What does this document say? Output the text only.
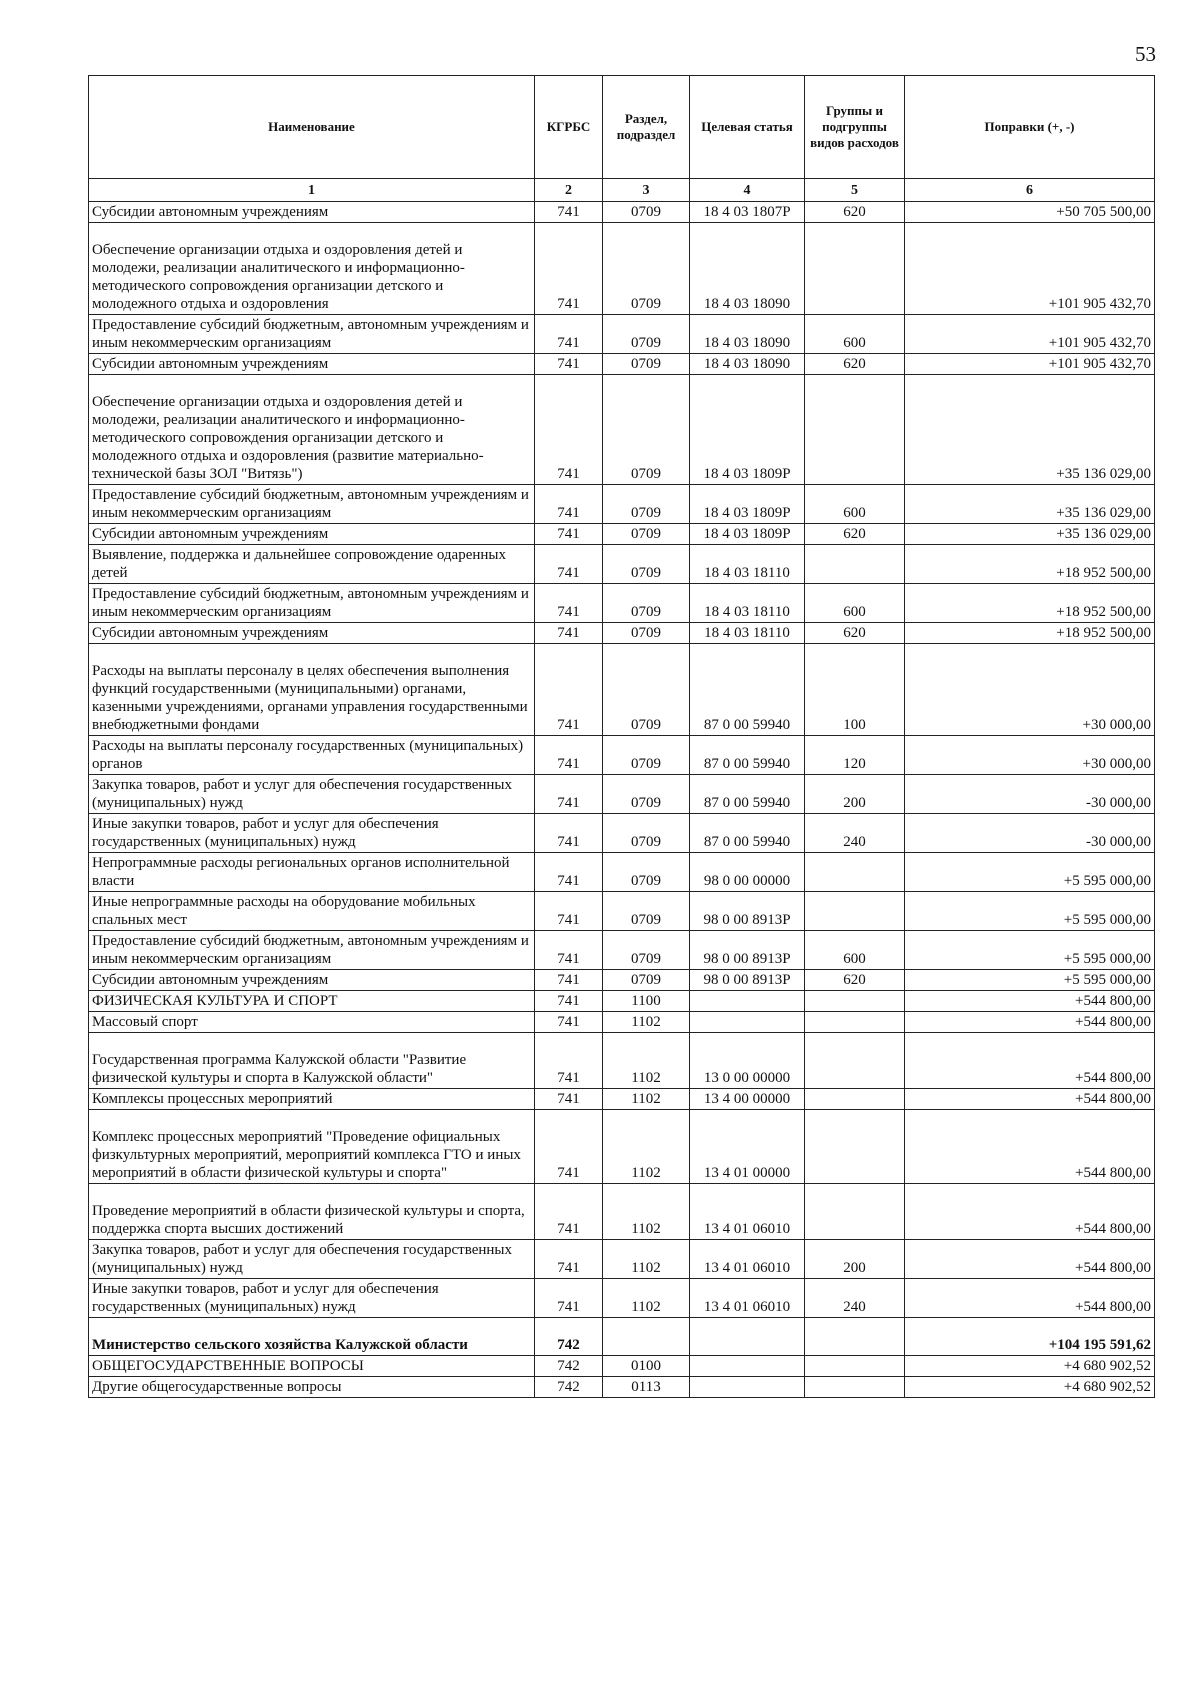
53
Наименование	КГРБС	Раздел, подраздел	Целевая статья	Группы и подгруппы видов расходов	Поправки (+, -)
1	2	3	4	5	6
Субсидии автономным учреждениям	741	0709	18 4 03 1807Р	620	+50 705 500,00
Обеспечение организации отдыха и оздоровления детей и молодежи, реализации аналитического и информационно-методического сопровождения организации детского и молодежного отдыха и оздоровления	741	0709	18 4 03 18090		+101 905 432,70
Предоставление субсидий бюджетным, автономным учреждениям и иным некоммерческим организациям	741	0709	18 4 03 18090	600	+101 905 432,70
Субсидии автономным учреждениям	741	0709	18 4 03 18090	620	+101 905 432,70
Обеспечение организации отдыха и оздоровления детей и молодежи, реализации аналитического и информационно-методического сопровождения организации детского и молодежного отдыха и оздоровления (развитие материально-технической базы ЗОЛ "Витязь")	741	0709	18 4 03 1809Р		+35 136 029,00
Предоставление субсидий бюджетным, автономным учреждениям и иным некоммерческим организациям	741	0709	18 4 03 1809Р	600	+35 136 029,00
Субсидии автономным учреждениям	741	0709	18 4 03 1809Р	620	+35 136 029,00
Выявление, поддержка и дальнейшее сопровождение одаренных детей	741	0709	18 4 03 18110		+18 952 500,00
Предоставление субсидий бюджетным, автономным учреждениям и иным некоммерческим организациям	741	0709	18 4 03 18110	600	+18 952 500,00
Субсидии автономным учреждениям	741	0709	18 4 03 18110	620	+18 952 500,00
Расходы на выплаты персоналу в целях обеспечения выполнения функций государственными (муниципальными) органами, казенными учреждениями, органами управления государственными внебюджетными фондами	741	0709	87 0 00 59940	100	+30 000,00
Расходы на выплаты персоналу государственных (муниципальных) органов	741	0709	87 0 00 59940	120	+30 000,00
Закупка товаров, работ и услуг для обеспечения государственных (муниципальных) нужд	741	0709	87 0 00 59940	200	-30 000,00
Иные закупки товаров, работ и услуг для обеспечения государственных (муниципальных) нужд	741	0709	87 0 00 59940	240	-30 000,00
Непрограммные расходы региональных органов исполнительной власти	741	0709	98 0 00 00000		+5 595 000,00
Иные непрограммные расходы на оборудование мобильных спальных мест	741	0709	98 0 00 8913Р		+5 595 000,00
Предоставление субсидий бюджетным, автономным учреждениям и иным некоммерческим организациям	741	0709	98 0 00 8913Р	600	+5 595 000,00
Субсидии автономным учреждениям	741	0709	98 0 00 8913Р	620	+5 595 000,00
ФИЗИЧЕСКАЯ КУЛЬТУРА И СПОРТ	741	1100			+544 800,00
Массовый спорт	741	1102			+544 800,00
Государственная программа Калужской области "Развитие физической культуры и спорта в Калужской области"	741	1102	13 0 00 00000		+544 800,00
Комплексы процессных мероприятий	741	1102	13 4 00 00000		+544 800,00
Комплекс процессных мероприятий "Проведение официальных физкультурных мероприятий, мероприятий комплекса ГТО и иных мероприятий в области физической культуры и спорта"	741	1102	13 4 01 00000		+544 800,00
Проведение мероприятий в области физической культуры и спорта, поддержка спорта высших достижений	741	1102	13 4 01 06010		+544 800,00
Закупка товаров, работ и услуг для обеспечения государственных (муниципальных) нужд	741	1102	13 4 01 06010	200	+544 800,00
Иные закупки товаров, работ и услуг для обеспечения государственных (муниципальных) нужд	741	1102	13 4 01 06010	240	+544 800,00
Министерство сельского хозяйства Калужской области	742				+104 195 591,62
ОБЩЕГОСУДАРСТВЕННЫЕ ВОПРОСЫ	742	0100			+4 680 902,52
Другие общегосударственные вопросы	742	0113			+4 680 902,52
